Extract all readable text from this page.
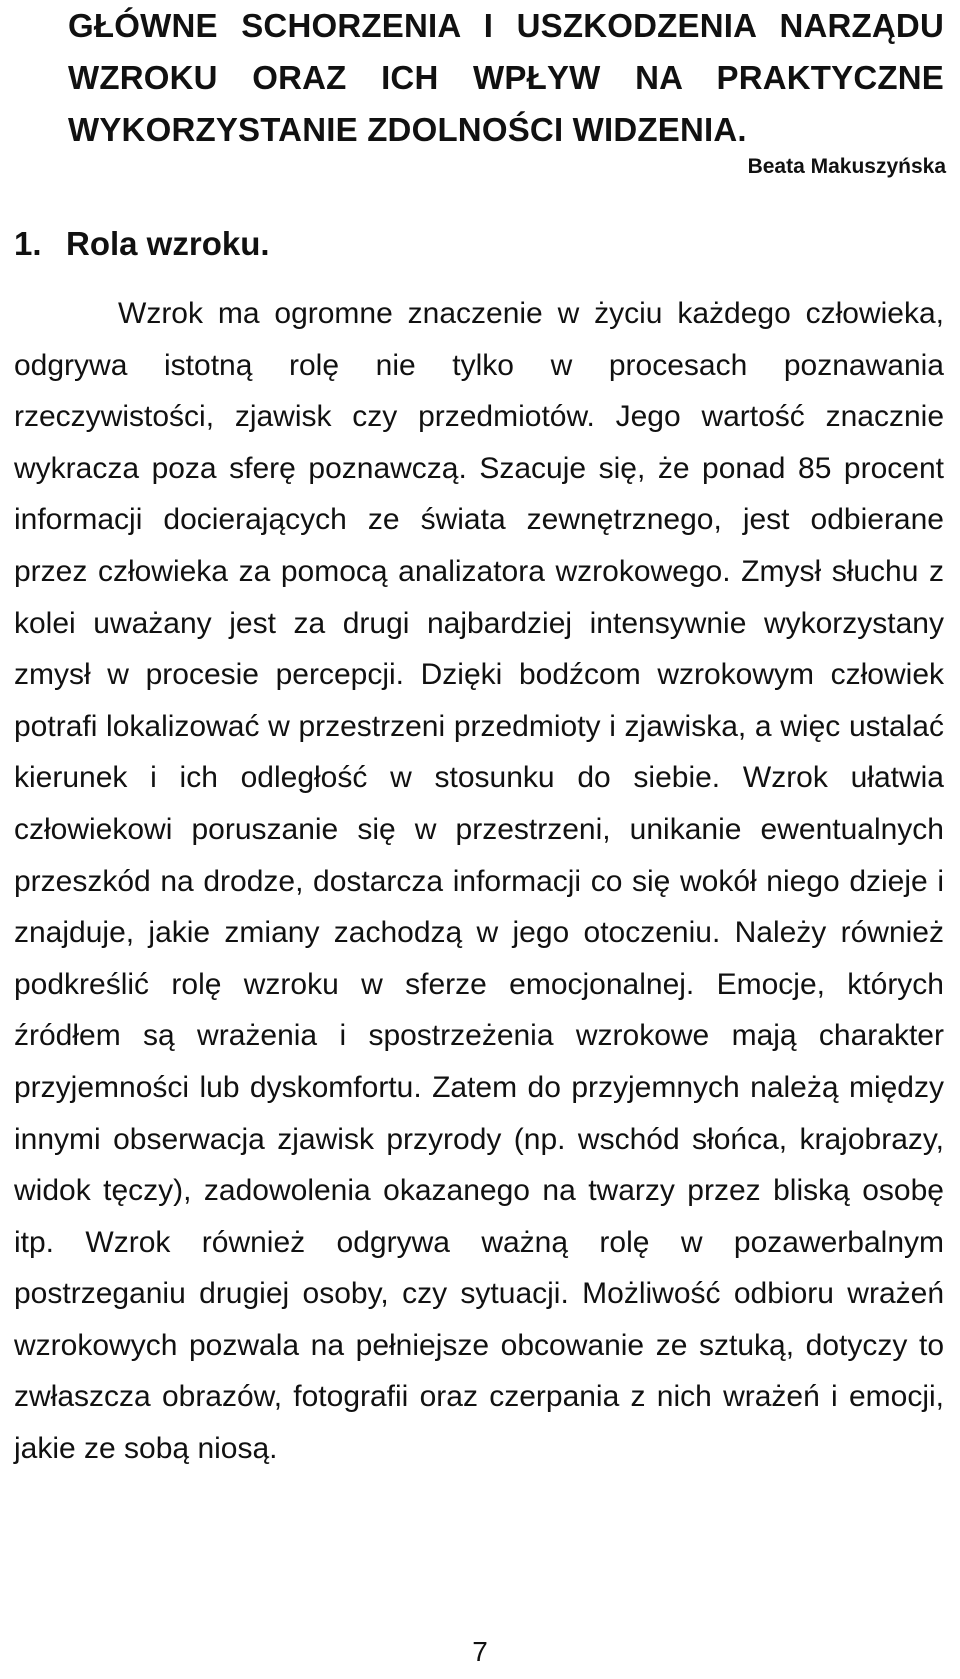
GŁÓWNE SCHORZENIA I USZKODZENIA NARZĄDU WZROKU ORAZ ICH WPŁYW NA PRAKTYCZNE WYKORZYSTANIE ZDOLNOŚCI WIDZENIA.
Beata Makuszyńska
1. Rola wzroku.

Wzrok ma ogromne znaczenie w życiu każdego człowieka, odgrywa istotną rolę nie tylko w procesach poznawania rzeczywistości, zjawisk czy przedmiotów. Jego wartość znacznie wykracza poza sferę poznawczą. Szacuje się, że ponad 85 procent informacji docierających ze świata zewnętrznego, jest odbierane przez człowieka za pomocą analizatora wzrokowego. Zmysł słuchu z kolei uważany jest za drugi najbardziej intensywnie wykorzystany zmysł w procesie percepcji. Dzięki bodźcom wzrokowym człowiek potrafi lokalizować w przestrzeni przedmioty i zjawiska, a więc ustalać kierunek i ich odległość w stosunku do siebie. Wzrok ułatwia człowiekowi poruszanie się w przestrzeni, unikanie ewentualnych przeszkód na drodze, dostarcza informacji co się wokół niego dzieje i znajduje, jakie zmiany zachodzą w jego otoczeniu. Należy również podkreślić rolę wzroku w sferze emocjonalnej. Emocje, których źródłem są wrażenia i spostrzeżenia wzrokowe mają charakter przyjemności lub dyskomfortu. Zatem do przyjemnych należą między innymi obserwacja zjawisk przyrody (np. wschód słońca, krajobrazy, widok tęczy), zadowolenia okazanego na twarzy przez bliską osobę itp. Wzrok również odgrywa ważną rolę w pozawerbalnym postrzeganiu drugiej osoby, czy sytuacji. Możliwość odbioru wrażeń wzrokowych pozwala na pełniejsze obcowanie ze sztuką, dotyczy to zwłaszcza obrazów, fotografii oraz czerpania z nich wrażeń i emocji, jakie ze sobą niosą.

7
